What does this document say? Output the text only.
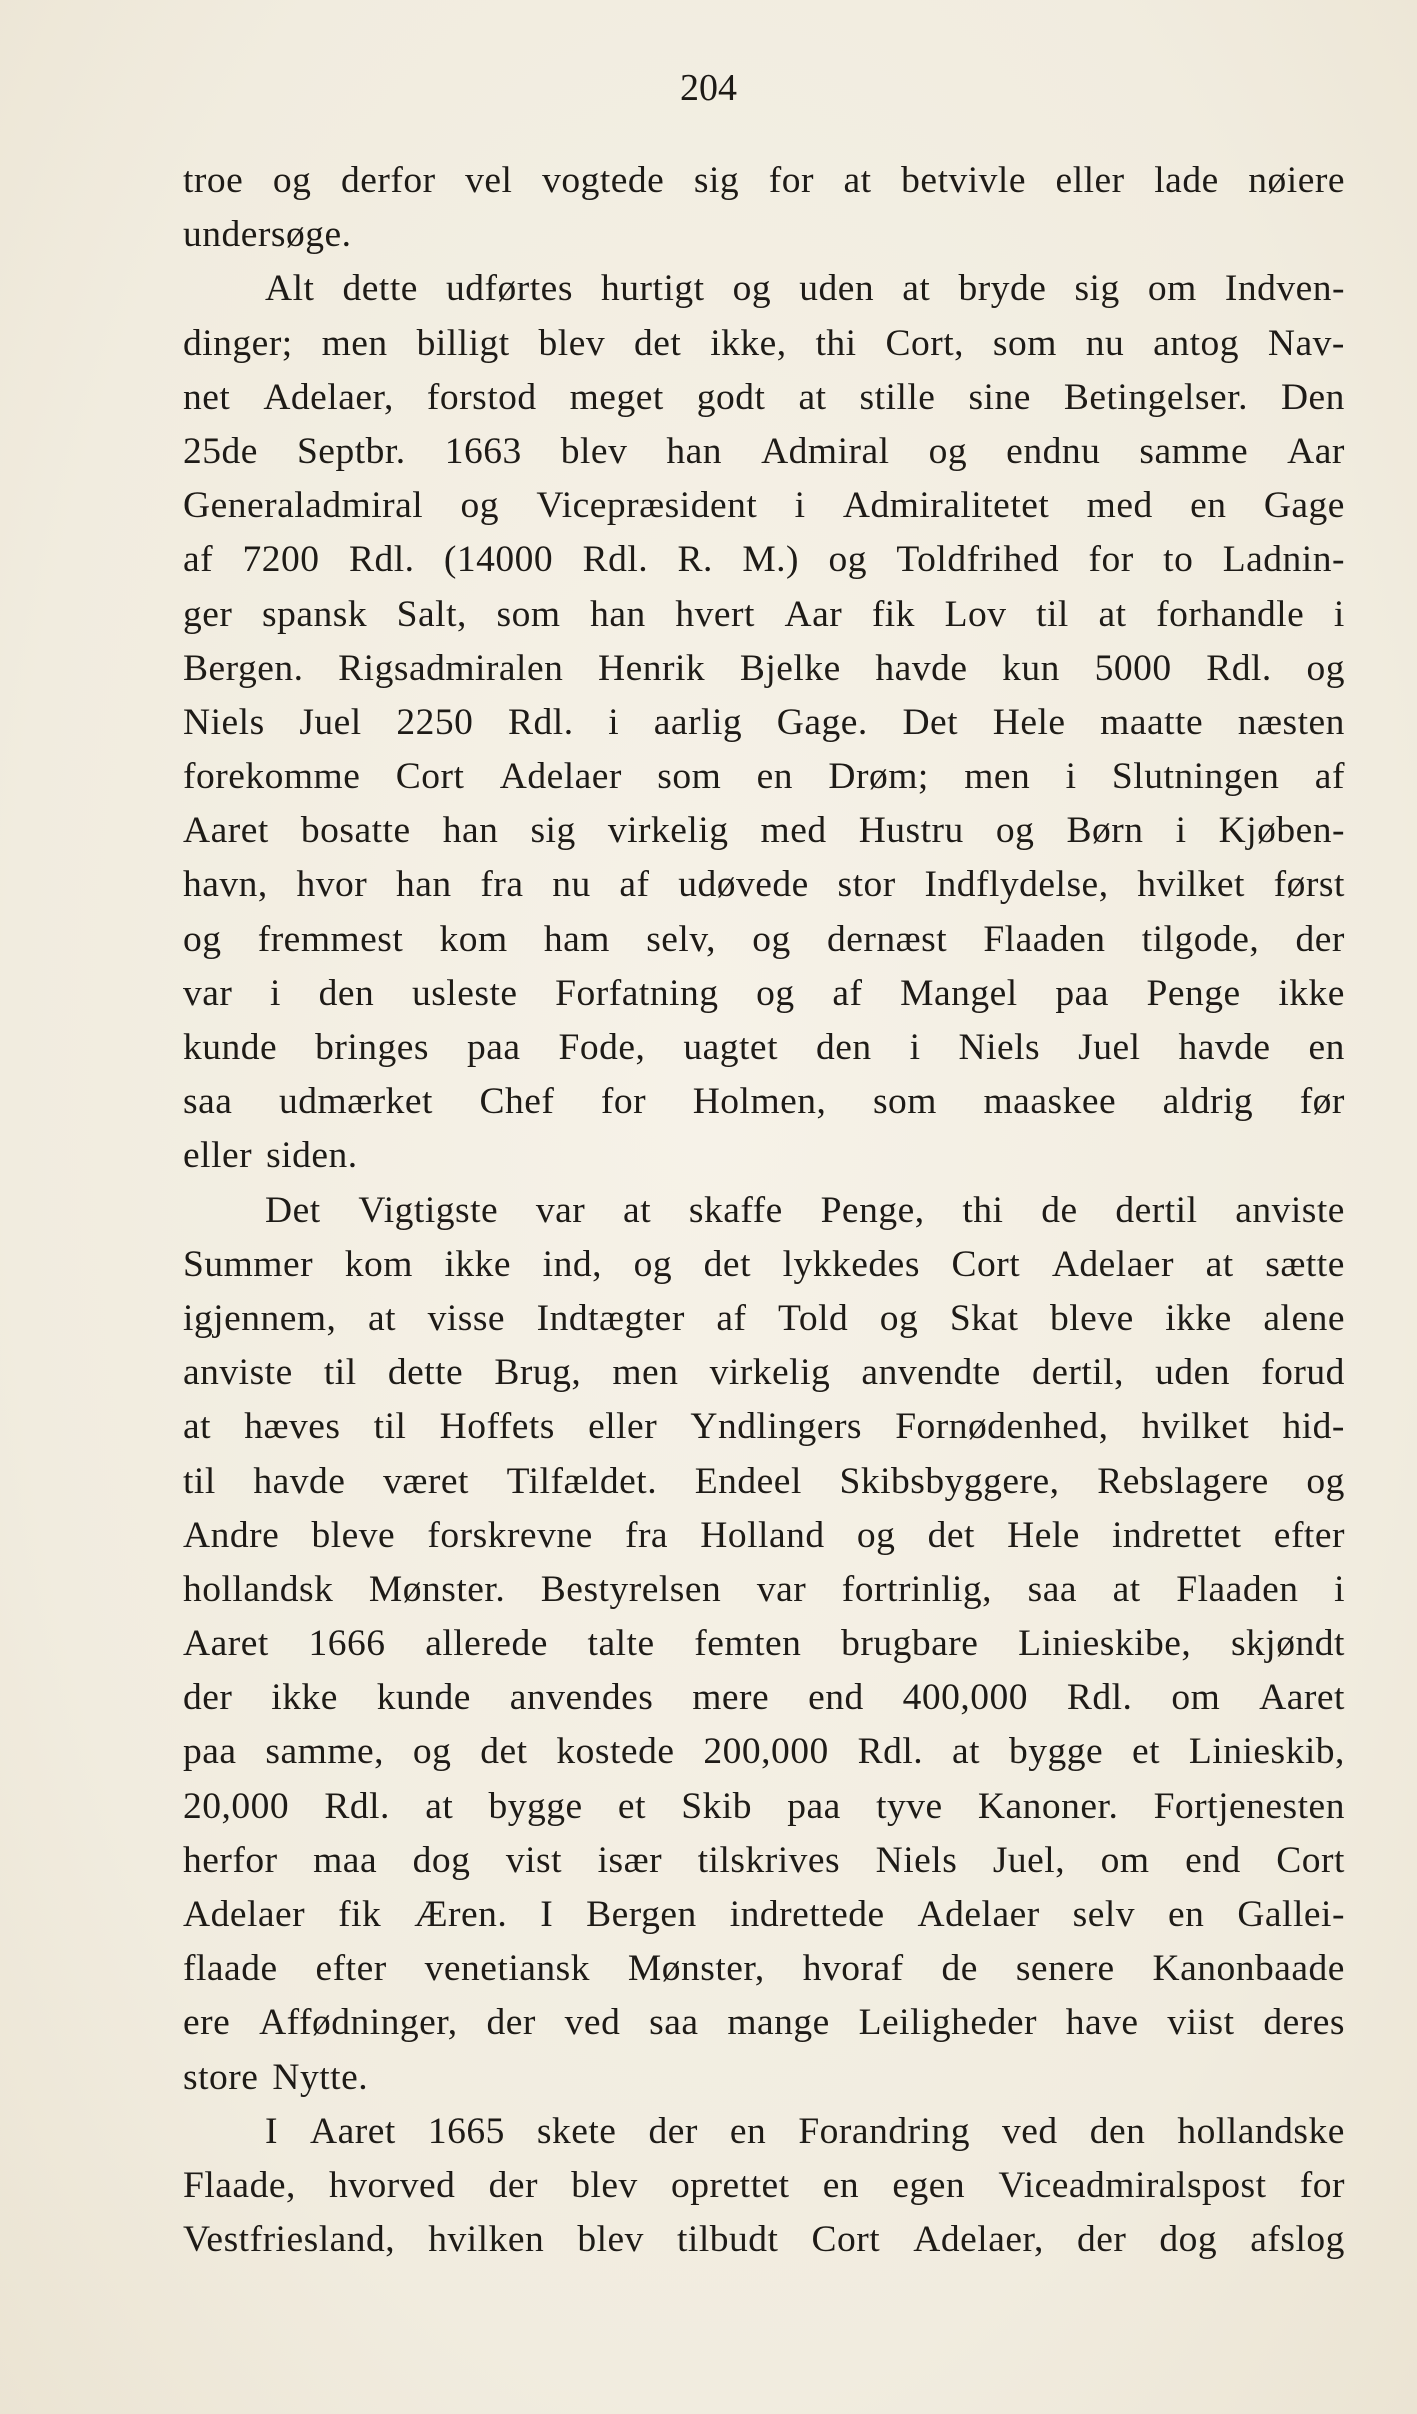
204
troe og derfor vel vogtede sig for at betvivle eller lade nøiere
undersøge.
Alt dette udførtes hurtigt og uden at bryde sig om Indven-
dinger; men billigt blev det ikke, thi Cort, som nu antog Nav-
net Adelaer, forstod meget godt at stille sine Betingelser. Den
25de Septbr. 1663 blev han Admiral og endnu samme Aar
Generaladmiral og Vicepræsident i Admiralitetet med en Gage
af 7200 Rdl. (14000 Rdl. R. M.) og Toldfrihed for to Ladnin-
ger spansk Salt, som han hvert Aar fik Lov til at forhandle i
Bergen. Rigsadmiralen Henrik Bjelke havde kun 5000 Rdl. og
Niels Juel 2250 Rdl. i aarlig Gage. Det Hele maatte næsten
forekomme Cort Adelaer som en Drøm; men i Slutningen af
Aaret bosatte han sig virkelig med Hustru og Børn i Kjøben-
havn, hvor han fra nu af udøvede stor Indflydelse, hvilket først
og fremmest kom ham selv, og dernæst Flaaden tilgode, der
var i den usleste Forfatning og af Mangel paa Penge ikke
kunde bringes paa Fode, uagtet den i Niels Juel havde en
saa udmærket Chef for Holmen, som maaskee aldrig før
eller siden.
Det Vigtigste var at skaffe Penge, thi de dertil anviste
Summer kom ikke ind, og det lykkedes Cort Adelaer at sætte
igjennem, at visse Indtægter af Told og Skat bleve ikke alene
anviste til dette Brug, men virkelig anvendte dertil, uden forud
at hæves til Hoffets eller Yndlingers Fornødenhed, hvilket hid-
til havde været Tilfældet. Endeel Skibsbyggere, Rebslagere og
Andre bleve forskrevne fra Holland og det Hele indrettet efter
hollandsk Mønster. Bestyrelsen var fortrinlig, saa at Flaaden i
Aaret 1666 allerede talte femten brugbare Linieskibe, skjøndt
der ikke kunde anvendes mere end 400,000 Rdl. om Aaret
paa samme, og det kostede 200,000 Rdl. at bygge et Linieskib,
20,000 Rdl. at bygge et Skib paa tyve Kanoner. Fortjenesten
herfor maa dog vist især tilskrives Niels Juel, om end Cort
Adelaer fik Æren. I Bergen indrettede Adelaer selv en Gallei-
flaade efter venetiansk Mønster, hvoraf de senere Kanonbaade
ere Affødninger, der ved saa mange Leiligheder have viist deres
store Nytte.
I Aaret 1665 skete der en Forandring ved den hollandske
Flaade, hvorved der blev oprettet en egen Viceadmiralspost for
Vestfriesland, hvilken blev tilbudt Cort Adelaer, der dog afslog
